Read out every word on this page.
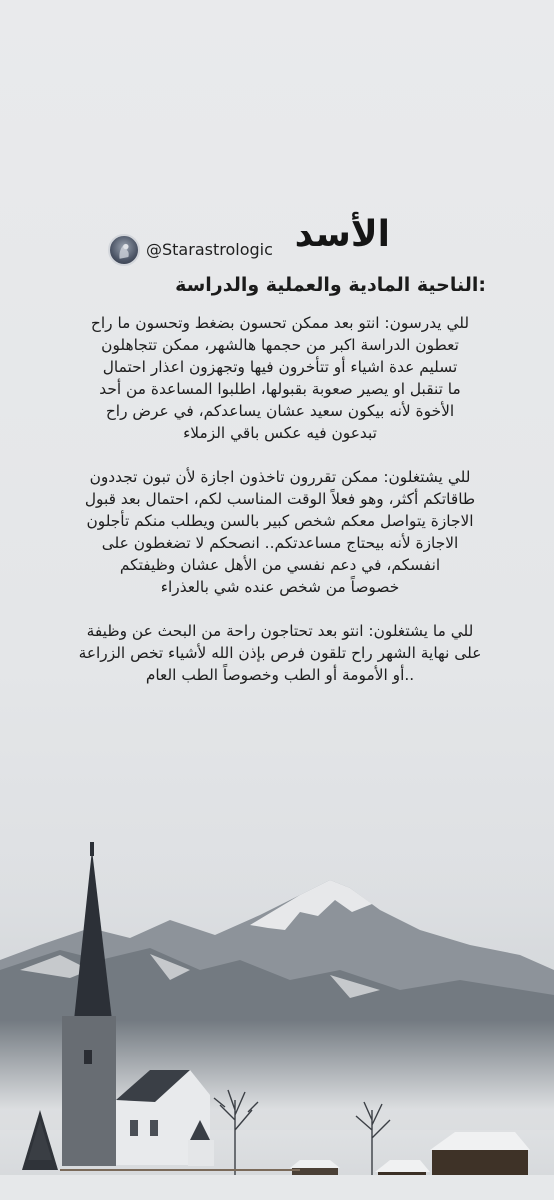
الأسد
@Starastrologic
:الناحية المادية والعملية والدراسة
للي يدرسون: انتو بعد ممكن تحسون بضغط وتحسون ما راح
تعطون الدراسة اكبر من حجمها هالشهر، ممكن تتجاهلون
تسليم عدة اشياء أو تتأخرون فيها وتجهزون اعذار احتمال
ما تنقبل او يصير صعوبة بقبولها، اطلبوا المساعدة من أحد
الأخوة لأنه بيكون سعيد عشان يساعدكم، في عرض راح
تبدعون فيه عكس باقي الزملاء
للي يشتغلون: ممكن تقررون تاخذون اجازة لأن تبون تجددون
طاقاتكم أكثر، وهو فعلاً الوقت المناسب لكم، احتمال بعد قبول
الاجازة يتواصل معكم شخص كبير بالسن ويطلب منكم تأجلون
الاجازة لأنه بيحتاج مساعدتكم.. انصحكم لا تضغطون على
انفسكم، في دعم نفسي من الأهل عشان وظيفتكم
خصوصاً من شخص عنده شي بالعذراء
للي ما يشتغلون: انتو بعد تحتاجون راحة من البحث عن وظيفة
على نهاية الشهر راح تلقون فرص بإذن الله لأشياء تخص الزراعة
..أو الأمومة أو الطب وخصوصاً الطب العام
